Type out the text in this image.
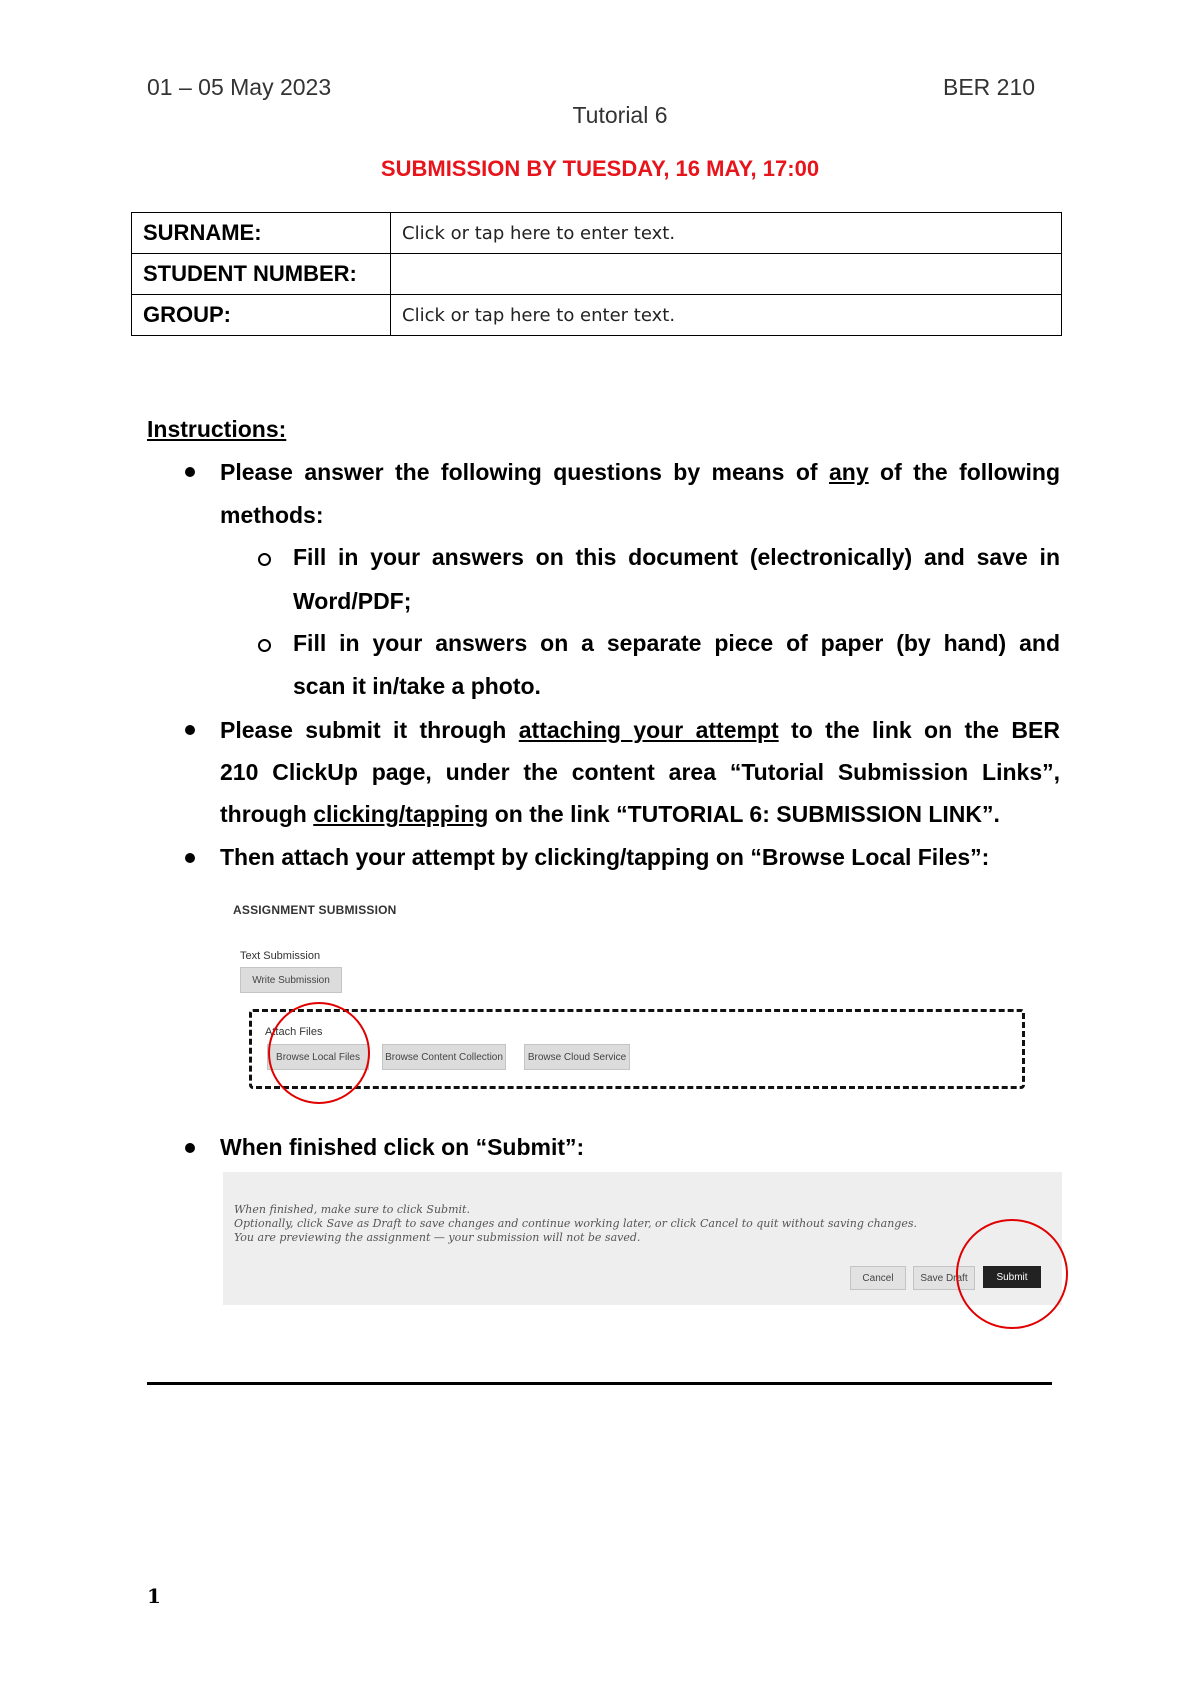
01 – 05 May 2023	BER 210
Tutorial 6
SUBMISSION BY TUESDAY, 16 MAY, 17:00
SURNAME:	Click or tap here to enter text.
STUDENT NUMBER:	
GROUP:	Click or tap here to enter text.
Instructions:
Please answer the following questions by means of any of the following
methods:
Fill in your answers on this document (electronically) and save in
Word/PDF;
Fill in your answers on a separate piece of paper (by hand) and
scan it in/take a photo.
Please submit it through attaching your attempt to the link on the BER
210 ClickUp page, under the content area “Tutorial Submission Links”,
through clicking/tapping on the link “TUTORIAL 6: SUBMISSION LINK”.
Then attach your attempt by clicking/tapping on “Browse Local Files”:
ASSIGNMENT SUBMISSION
Text Submission
Write Submission
Attach Files
Browse Local Files	Browse Content Collection	Browse Cloud Service
When finished click on “Submit”:
When finished, make sure to click Submit.
Optionally, click Save as Draft to save changes and continue working later, or click Cancel to quit without saving changes.
You are previewing the assignment — your submission will not be saved.
Cancel	Save Draft	Submit
1
